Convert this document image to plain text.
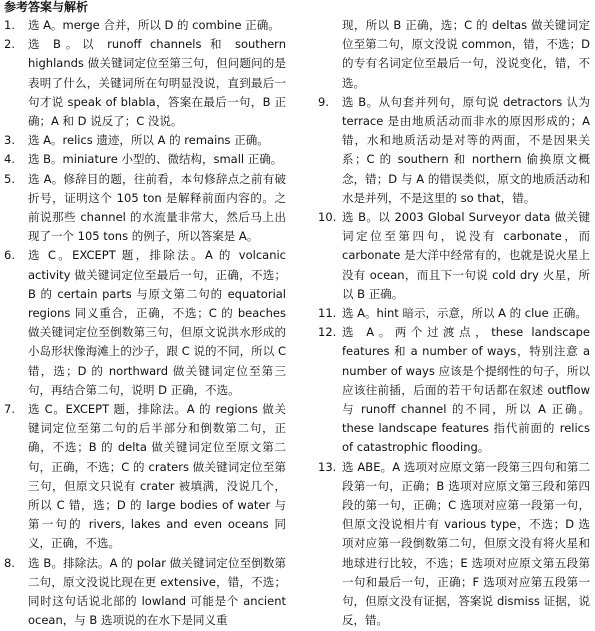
参考答案与解析
1.	选 A。merge 合并，所以 D 的 combine 正确。
2.	选 B。以 runoff channels 和 southern highlands 做关键词定位至第三句，但问题问的是表明了什么，关键词所在句明显没说，直到最后一句才说 speak of blabla，答案在最后一句，B 正确；A 和 D 说反了；C 没说。
3.	选 A。relics 遗迹，所以 A 的 remains 正确。
4.	选 B。miniature 小型的、微结构，small 正确。
5.	选 A。修辞目的题，往前看，本句修辞点之前有破折号，证明这个 105 ton 是解释前面内容的。之前说那些 channel 的水流量非常大，然后马上出现了一个 105 tons 的例子，所以答案是 A。
6.	选 C。EXCEPT 题，排除法。A 的 volcanic activity 做关键词定位至最后一句，正确，不选；B 的 certain parts 与原文第二句的 equatorial regions 同义重合，正确，不选；C 的 beaches 做关键词定位至倒数第三句，但原文说洪水形成的小岛形状像海滩上的沙子，跟 C 说的不同，所以 C 错，选；D 的 northward 做关键词定位至第三句，再结合第二句，说明 D 正确，不选。
7.	选 C。EXCEPT 题，排除法。A 的 regions 做关键词定位至第二句的后半部分和倒数第二句，正确，不选；B 的 delta 做关键词定位至原文第二句，正确，不选；C 的 craters 做关键词定位至第三句，但原文只说有 crater 被填满，没说几个，所以 C 错，选；D 的 large bodies of water 与第一句的 rivers, lakes and even oceans 同义，正确，不选。
8.	选 B。排除法。A 的 polar 做关键词定位至倒数第二句，原文没说比现在更 extensive，错，不选；同时这句话说北部的 lowland 可能是个 ancient ocean，与 B 选项说的在水下是同义重
现，所以 B 正确，选；C 的 deltas 做关键词定位至第二句，原文没说 common，错，不选；D 的专有名词定位至最后一句，没说变化，错，不选。
9.	选 B。从句套并列句，原句说 detractors 认为 terrace 是由地质活动而非水的原因形成的；A 错，水和地质活动是对等的两面，不是因果关系；C 的 southern 和 northern 偷换原文概念，错；D 与 A 的错误类似，原文的地质活动和水是并列，不是这里的 so that，错。
10. 选 B。以 2003 Global Surveyor data 做关键词定位至第四句，说没有 carbonate，而 carbonate 是大洋中经常有的，也就是说火星上没有 ocean，而且下一句说 cold dry 火星，所以 B 正确。
11. 选 A。hint 暗示，示意，所以 A 的 clue 正确。
12. 选 A。两个过渡点，these landscape features 和 a number of ways，特别注意 a number of ways 应该是个提纲性的句子，所以应该往前插，后面的若干句话都在叙述 outflow 与 runoff channel 的不同，所以 A 正确。these landscape features 指代前面的 relics of catastrophic flooding。
13. 选 ABE。A 选项对应原文第一段第三四句和第二段第一句，正确；B 选项对应原文第三段和第四段的第一句，正确；C 选项对应第一段第一句，但原文没说相片有 various type，不选；D 选项对应第一段倒数第二句，但原文没有将火星和地球进行比较，不选；E 选项对应原文第五段第一句和最后一句，正确；F 选项对应第五段第一句，但原文没有证据，答案说 dismiss 证据，说反，错。
